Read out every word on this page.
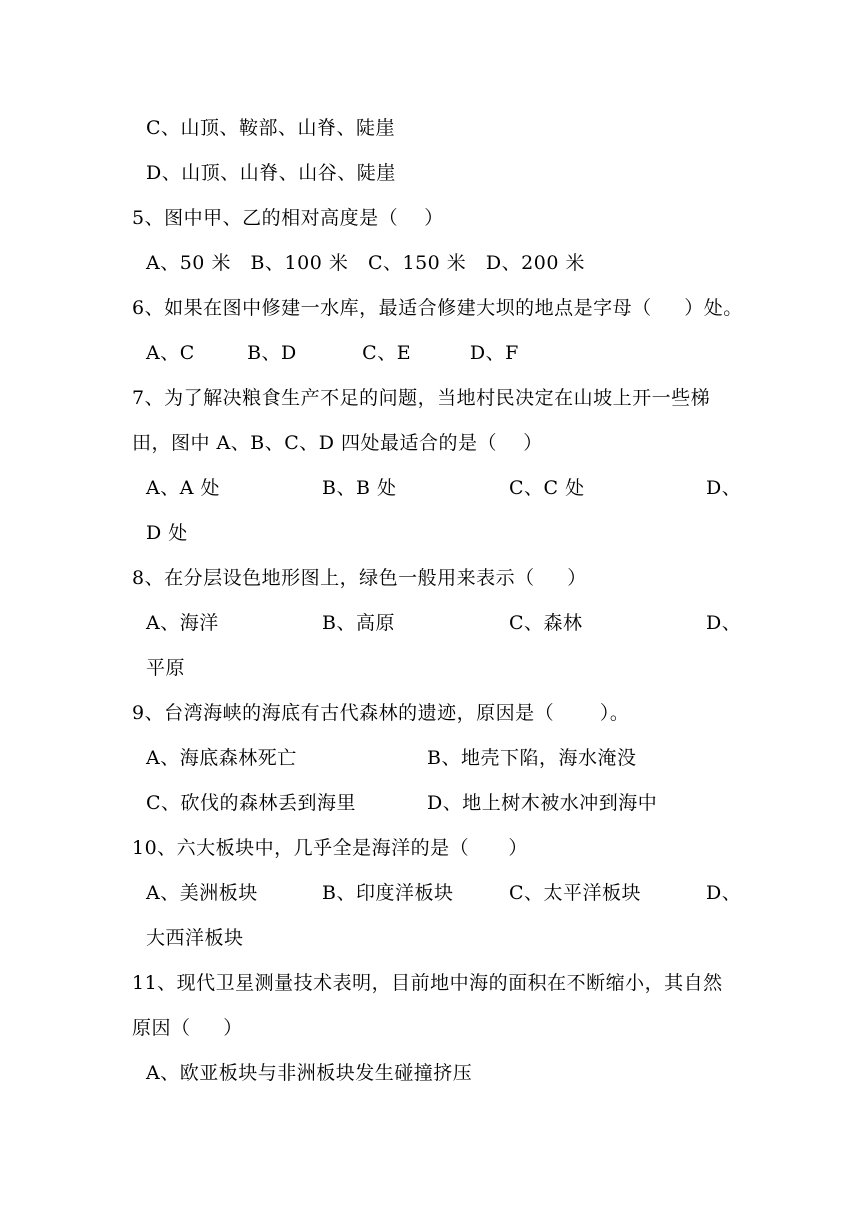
C、山顶、鞍部、山脊、陡崖
D、山顶、山脊、山谷、陡崖
5、图中甲、乙的相对高度是（    ）
A、50 米   B、100 米   C、150 米   D、200 米
6、如果在图中修建一水库，最适合修建大坝的地点是字母（     ）处。
A、C        B、D          C、E         D、F
7、为了解决粮食生产不足的问题，当地村民决定在山坡上开一些梯
田，图中 A、B、C、D 四处最适合的是（    ）
A、A 处	B、B 处	C、C 处	D、
D 处
8、在分层设色地形图上，绿色一般用来表示（     ）
A、海洋	B、高原	C、森林	D、
平原
9、台湾海峡的海底有古代森林的遗迹，原因是（       ）。
A、海底森林死亡	B、地壳下陷，海水淹没
C、砍伐的森林丢到海里	D、地上树木被水冲到海中
10、六大板块中，几乎全是海洋的是（      ）
A、美洲板块	B、印度洋板块	C、太平洋板块	D、
大西洋板块
11、现代卫星测量技术表明，目前地中海的面积在不断缩小，其自然
原因（     ）
A、欧亚板块与非洲板块发生碰撞挤压
